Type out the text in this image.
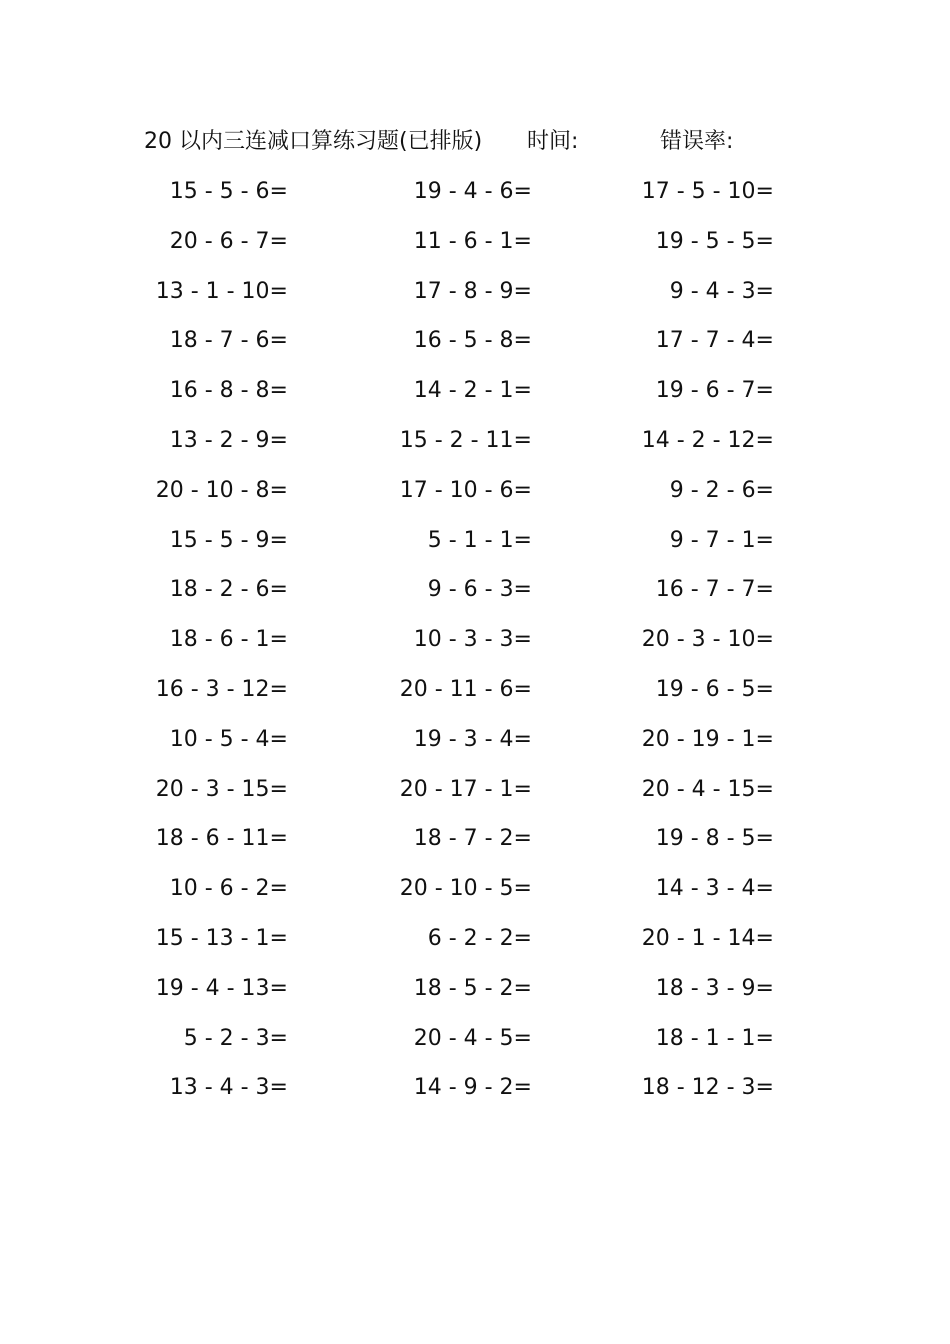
20 以内三连减口算练习题(已排版) 时间:	错误率:
15 - 5 - 6=	19 - 4 - 6=	17 - 5 - 10=
20 - 6 - 7=	11 - 6 - 1=	19 - 5 - 5=
13 - 1 - 10=	17 - 8 - 9=	9 - 4 - 3=
18 - 7 - 6=	16 - 5 - 8=	17 - 7 - 4=
16 - 8 - 8=	14 - 2 - 1=	19 - 6 - 7=
13 - 2 - 9=	15 - 2 - 11=	14 - 2 - 12=
20 - 10 - 8=	17 - 10 - 6=	9 - 2 - 6=
15 - 5 - 9=	5 - 1 - 1=	9 - 7 - 1=
18 - 2 - 6=	9 - 6 - 3=	16 - 7 - 7=
18 - 6 - 1=	10 - 3 - 3=	20 - 3 - 10=
16 - 3 - 12=	20 - 11 - 6=	19 - 6 - 5=
10 - 5 - 4=	19 - 3 - 4=	20 - 19 - 1=
20 - 3 - 15=	20 - 17 - 1=	20 - 4 - 15=
18 - 6 - 11=	18 - 7 - 2=	19 - 8 - 5=
10 - 6 - 2=	20 - 10 - 5=	14 - 3 - 4=
15 - 13 - 1=	6 - 2 - 2=	20 - 1 - 14=
19 - 4 - 13=	18 - 5 - 2=	18 - 3 - 9=
5 - 2 - 3=	20 - 4 - 5=	18 - 1 - 1=
13 - 4 - 3=	14 - 9 - 2=	18 - 12 - 3=
